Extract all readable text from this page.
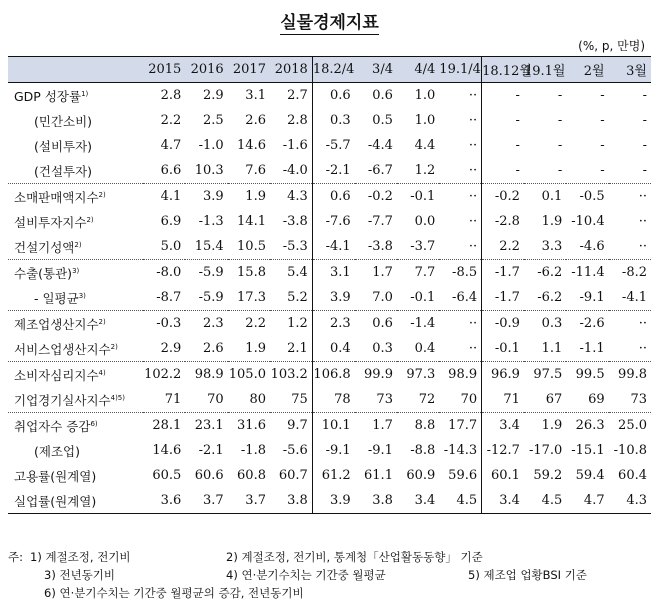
실물경제지표
(%, p, 만명)
	2015	2016	2017	2018	18.2/4	3/4	4/4	19.1/4	18.12월	19.1월	2월	3월
GDP 성장률$^{1)}$	2.8	2.9	3.1	2.7	0.6	0.6	1.0	··	-	-	-	-
(민간소비)	2.2	2.5	2.6	2.8	0.3	0.5	1.0	··	-	-	-	-
(설비투자)	4.7	-1.0	14.6	-1.6	-5.7	-4.4	4.4	··	-	-	-	-
(건설투자)	6.6	10.3	7.6	-4.0	-2.1	-6.7	1.2	··	-	-	-	-
소매판매액지수$^{2)}$	4.1	3.9	1.9	4.3	0.6	-0.2	-0.1	··	-0.2	0.1	-0.5	··
설비투자지수$^{2)}$	6.9	-1.3	14.1	-3.8	-7.6	-7.7	0.0	··	-2.8	1.9	-10.4	··
건설기성액$^{2)}$	5.0	15.4	10.5	-5.3	-4.1	-3.8	-3.7	··	2.2	3.3	-4.6	··
수출(통관)$^{3)}$	-8.0	-5.9	15.8	5.4	3.1	1.7	7.7	-8.5	-1.7	-6.2	-11.4	-8.2
- 일평균$^{3)}$	-8.7	-5.9	17.3	5.2	3.9	7.0	-0.1	-6.4	-1.7	-6.2	-9.1	-4.1
제조업생산지수$^{2)}$	-0.3	2.3	2.2	1.2	2.3	0.6	-1.4	··	-0.9	0.3	-2.6	··
서비스업생산지수$^{2)}$	2.9	2.6	1.9	2.1	0.4	0.3	0.4	··	-0.1	1.1	-1.1	··
소비자심리지수$^{4)}$	102.2	98.9	105.0	103.2	106.8	99.9	97.3	98.9	96.9	97.5	99.5	99.8
기업경기실사지수$^{4)5)}$	71	70	80	75	78	73	72	70	71	67	69	73
취업자수 증감$^{6)}$	28.1	23.1	31.6	9.7	10.1	1.7	8.8	17.7	3.4	1.9	26.3	25.0
(제조업)	14.6	-2.1	-1.8	-5.6	-9.1	-9.1	-8.8	-14.3	-12.7	-17.0	-15.1	-10.8
고용률(원계열)	60.5	60.6	60.8	60.7	61.2	61.1	60.9	59.6	60.1	59.2	59.4	60.4
실업률(원계열)	3.6	3.7	3.7	3.8	3.9	3.8	3.4	4.5	3.4	4.5	4.7	4.3
주: 1) 계절조정, 전기비	2) 계절조정, 전기비, 통계청「산업활동동향」 기준
3) 전년동기비	4) 연·분기수치는 기간중 월평균	5) 제조업 업황BSI 기준
6) 연·분기수치는 기간중 월평균의 증감, 전년동기비
